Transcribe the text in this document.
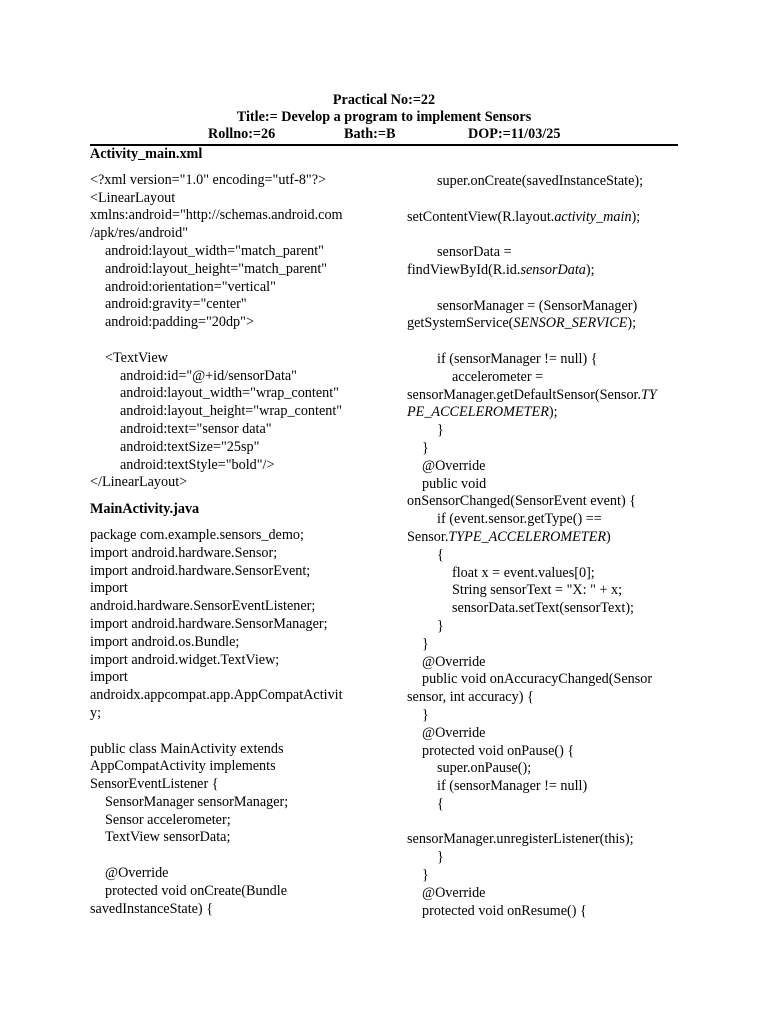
Practical No:=22
Title:= Develop a program to implement Sensors
Rollno:=26	Bath:=B	DOP:=11/03/25
Activity_main.xml
<?xml version="1.0" encoding="utf-8"?>
<LinearLayout
xmlns:android="http://schemas.android.com
/apk/res/android"
android:layout_width="match_parent"
android:layout_height="match_parent"
android:orientation="vertical"
android:gravity="center"
android:padding="20dp">
<TextView
android:id="@+id/sensorData"
android:layout_width="wrap_content"
android:layout_height="wrap_content"
android:text="sensor data"
android:textSize="25sp"
android:textStyle="bold"/>
</LinearLayout>
MainActivity.java
package com.example.sensors_demo;
import android.hardware.Sensor;
import android.hardware.SensorEvent;
import
android.hardware.SensorEventListener;
import android.hardware.SensorManager;
import android.os.Bundle;
import android.widget.TextView;
import
androidx.appcompat.app.AppCompatActivit
y;
public class MainActivity extends
AppCompatActivity implements
SensorEventListener {
SensorManager sensorManager;
Sensor accelerometer;
TextView sensorData;
@Override
protected void onCreate(Bundle
savedInstanceState) {
super.onCreate(savedInstanceState);
setContentView(R.layout.activity_main);
sensorData =
findViewById(R.id.sensorData);
sensorManager = (SensorManager)
getSystemService(SENSOR_SERVICE);
if (sensorManager != null) {
accelerometer =
sensorManager.getDefaultSensor(Sensor.TY
PE_ACCELEROMETER);
}
}
@Override
public void
onSensorChanged(SensorEvent event) {
if (event.sensor.getType() ==
Sensor.TYPE_ACCELEROMETER)
{
float x = event.values[0];
String sensorText = "X: " + x;
sensorData.setText(sensorText);
}
}
@Override
public void onAccuracyChanged(Sensor
sensor, int accuracy) {
}
@Override
protected void onPause() {
super.onPause();
if (sensorManager != null)
{
sensorManager.unregisterListener(this);
}
}
@Override
protected void onResume() {
